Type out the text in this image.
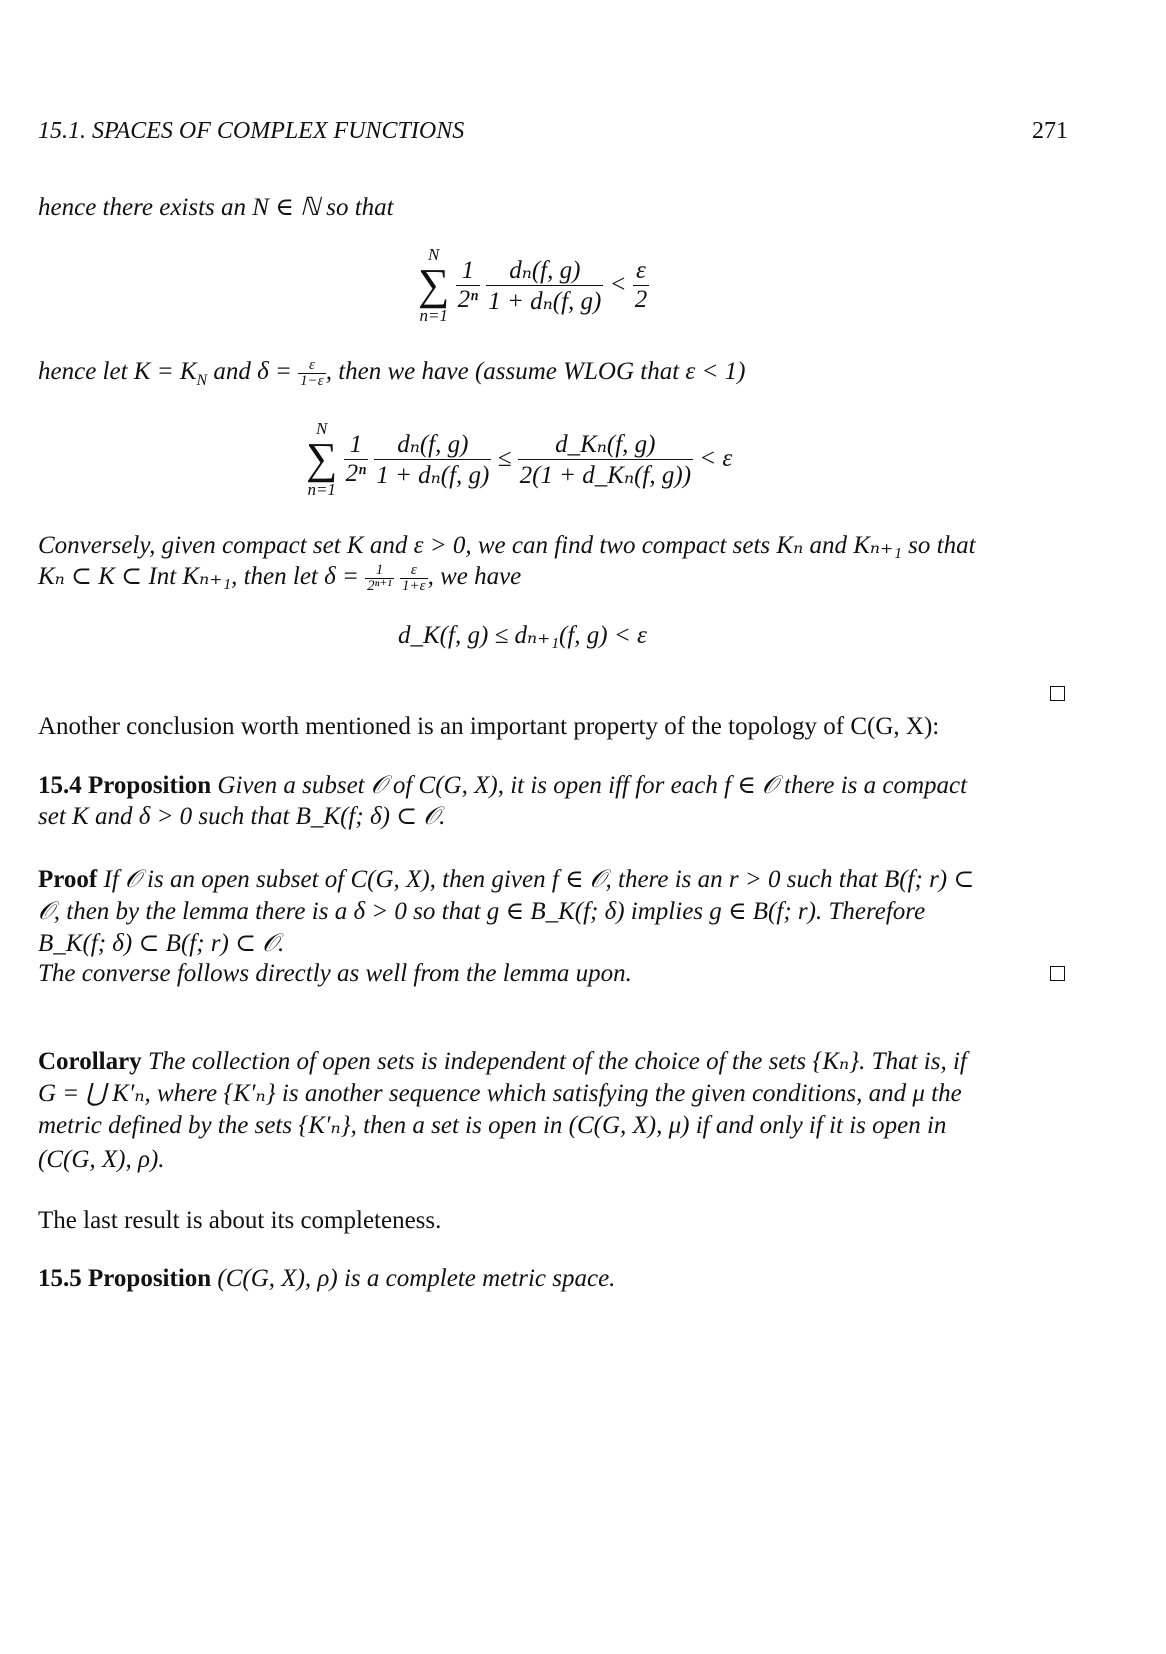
15.1. SPACES OF COMPLEX FUNCTIONS	271
hence there exists an N ∈ ℕ so that
N
∑
n=1

$\frac{1}{\text{2ⁿ}}$
$\frac{\text{dₙ(f, g)}}{\text{1 + dₙ(f, g)}} < \frac{\varepsilon}{2}$
hence let $K = K_N$ and $\delta = \frac{\varepsilon}{1-\varepsilon}$ , then we have (assume WLOG that ε < 1)
N
∑
n=1

$\frac{1}{\text{2ⁿ}}$
$\frac{\text{dₙ(f, g)}}{\text{1 + dₙ(f, g)}} \le \frac{\text{d\_Kₙ(f, g)}}{\text{2(1 + d\_Kₙ(f, g))}} < \varepsilon$
Conversely, given compact set K and ε > 0, we can find two compact sets Kₙ and Kₙ₊₁ so that
Kₙ ⊂ K ⊂ Int Kₙ₊₁, then let $\delta = \frac{1}{\text{2ⁿ⁺¹}}$
$\frac{\varepsilon}{1+\varepsilon}$ , we have
d_K(f, g) ≤ dₙ₊₁(f, g) < ε
Another conclusion worth mentioned is an important property of the topology of C(G, X):
15.4 Proposition Given a subset 𝒪 of C(G, X), it is open iff for each f ∈ 𝒪 there is a compact
set K and δ > 0 such that B_K(f; δ) ⊂ 𝒪.
Proof If 𝒪 is an open subset of C(G, X), then given f ∈ 𝒪, there is an r > 0 such that B(f; r) ⊂
𝒪, then by the lemma there is a δ > 0 so that g ∈ B_K(f; δ) implies g ∈ B(f; r). Therefore
B_K(f; δ) ⊂ B(f; r) ⊂ 𝒪.
The converse follows directly as well from the lemma upon.
Corollary The collection of open sets is independent of the choice of the sets {Kₙ}. That is, if
G = ⋃ K′ₙ, where {K′ₙ} is another sequence which satisfying the given conditions, and μ the
metric defined by the sets {K′ₙ}, then a set is open in (C(G, X), μ) if and only if it is open in
(C(G, X), ρ).
The last result is about its completeness.
15.5 Proposition (C(G, X), ρ) is a complete metric space.
